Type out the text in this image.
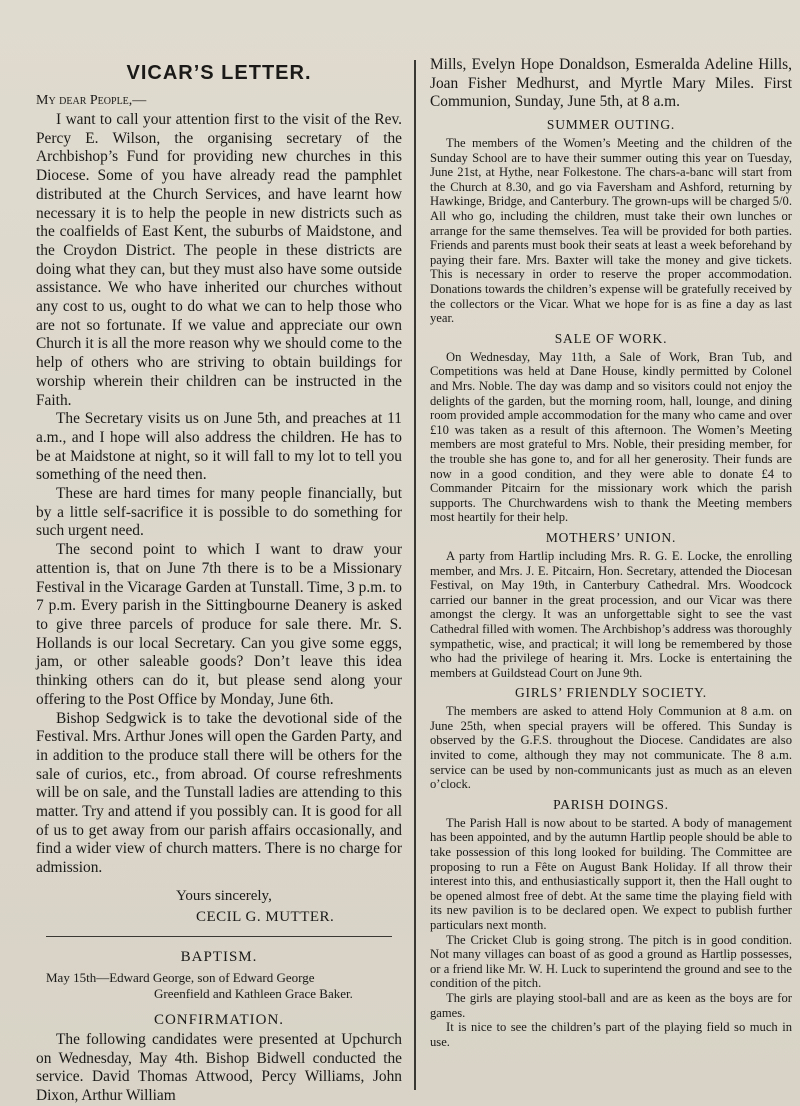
VICAR’S LETTER.
My dear People,—

I want to call your attention first to the visit of the Rev. Percy E. Wilson, the organising secretary of the Archbishop’s Fund for providing new churches in this Diocese. Some of you have already read the pamphlet distributed at the Church Services, and have learnt how necessary it is to help the people in new districts such as the coalfields of East Kent, the suburbs of Maidstone, and the Croydon District. The people in these districts are doing what they can, but they must also have some outside assistance. We who have inherited our churches without any cost to us, ought to do what we can to help those who are not so fortunate. If we value and appreciate our own Church it is all the more reason why we should come to the help of others who are striving to obtain buildings for worship wherein their children can be instructed in the Faith.

The Secretary visits us on June 5th, and preaches at 11 a.m., and I hope will also address the children. He has to be at Maidstone at night, so it will fall to my lot to tell you something of the need then.

These are hard times for many people financially, but by a little self-sacrifice it is possible to do something for such urgent need.

The second point to which I want to draw your attention is, that on June 7th there is to be a Missionary Festival in the Vicarage Garden at Tunstall. Time, 3 p.m. to 7 p.m. Every parish in the Sittingbourne Deanery is asked to give three parcels of produce for sale there. Mr. S. Hollands is our local Secretary. Can you give some eggs, jam, or other saleable goods? Don’t leave this idea thinking others can do it, but please send along your offering to the Post Office by Monday, June 6th.

Bishop Sedgwick is to take the devotional side of the Festival. Mrs. Arthur Jones will open the Garden Party, and in addition to the produce stall there will be others for the sale of curios, etc., from abroad. Of course refreshments will be on sale, and the Tunstall ladies are attending to this matter. Try and attend if you possibly can. It is good for all of us to get away from our parish affairs occasionally, and find a wider view of church matters. There is no charge for admission.

Yours sincerely,
CECIL G. MUTTER.
BAPTISM.

May 15th—Edward George, son of Edward George
Greenfield and Kathleen Grace Baker.

CONFIRMATION.

The following candidates were presented at Upchurch on Wednesday, May 4th. Bishop Bidwell conducted the service. David Thomas Attwood, Percy Williams, John Dixon, Arthur William

Mills, Evelyn Hope Donaldson, Esmeralda Adeline Hills, Joan Fisher Medhurst, and Myrtle Mary Miles. First Communion, Sunday, June 5th, at 8 a.m.

SUMMER OUTING.

The members of the Women’s Meeting and the children of the Sunday School are to have their summer outing this year on Tuesday, June 21st, at Hythe, near Folkestone. The chars-a-banc will start from the Church at 8.30, and go via Faversham and Ashford, returning by Hawkinge, Bridge, and Canterbury. The grown-ups will be charged 5/0. All who go, including the children, must take their own lunches or arrange for the same themselves. Tea will be provided for both parties. Friends and parents must book their seats at least a week beforehand by paying their fare. Mrs. Baxter will take the money and give tickets. This is necessary in order to reserve the proper accommodation. Donations towards the children’s expense will be gratefully received by the collectors or the Vicar. What we hope for is as fine a day as last year.

SALE OF WORK.

On Wednesday, May 11th, a Sale of Work, Bran Tub, and Competitions was held at Dane House, kindly permitted by Colonel and Mrs. Noble. The day was damp and so visitors could not enjoy the delights of the garden, but the morning room, hall, lounge, and dining room provided ample accommodation for the many who came and over £10 was taken as a result of this afternoon. The Women’s Meeting members are most grateful to Mrs. Noble, their presiding member, for the trouble she has gone to, and for all her generosity. Their funds are now in a good condition, and they were able to donate £4 to Commander Pitcairn for the missionary work which the parish supports. The Churchwardens wish to thank the Meeting members most heartily for their help.

MOTHERS’ UNION.

A party from Hartlip including Mrs. R. G. E. Locke, the enrolling member, and Mrs. J. E. Pitcairn, Hon. Secretary, attended the Diocesan Festival, on May 19th, in Canterbury Cathedral. Mrs. Woodcock carried our banner in the great procession, and our Vicar was there amongst the clergy. It was an unforgettable sight to see the vast Cathedral filled with women. The Archbishop’s address was thoroughly sympathetic, wise, and practical; it will long be remembered by those who had the privilege of hearing it. Mrs. Locke is entertaining the members at Guildstead Court on June 9th.

GIRLS’ FRIENDLY SOCIETY.

The members are asked to attend Holy Communion at 8 a.m. on June 25th, when special prayers will be offered. This Sunday is observed by the G.F.S. throughout the Diocese. Candidates are also invited to come, although they may not communicate. The 8 a.m. service can be used by non-communicants just as much as an eleven o’clock.

PARISH DOINGS.

The Parish Hall is now about to be started. A body of management has been appointed, and by the autumn Hartlip people should be able to take possession of this long looked for building. The Committee are proposing to run a Fête on August Bank Holiday. If all throw their interest into this, and enthusiastically support it, then the Hall ought to be opened almost free of debt. At the same time the playing field with its new pavilion is to be declared open. We expect to publish further particulars next month.

The Cricket Club is going strong. The pitch is in good condition. Not many villages can boast of as good a ground as Hartlip possesses, or a friend like Mr. W. H. Luck to superintend the ground and see to the condition of the pitch.

The girls are playing stool-ball and are as keen as the boys are for games.

It is nice to see the children’s part of the playing field so much in use.
